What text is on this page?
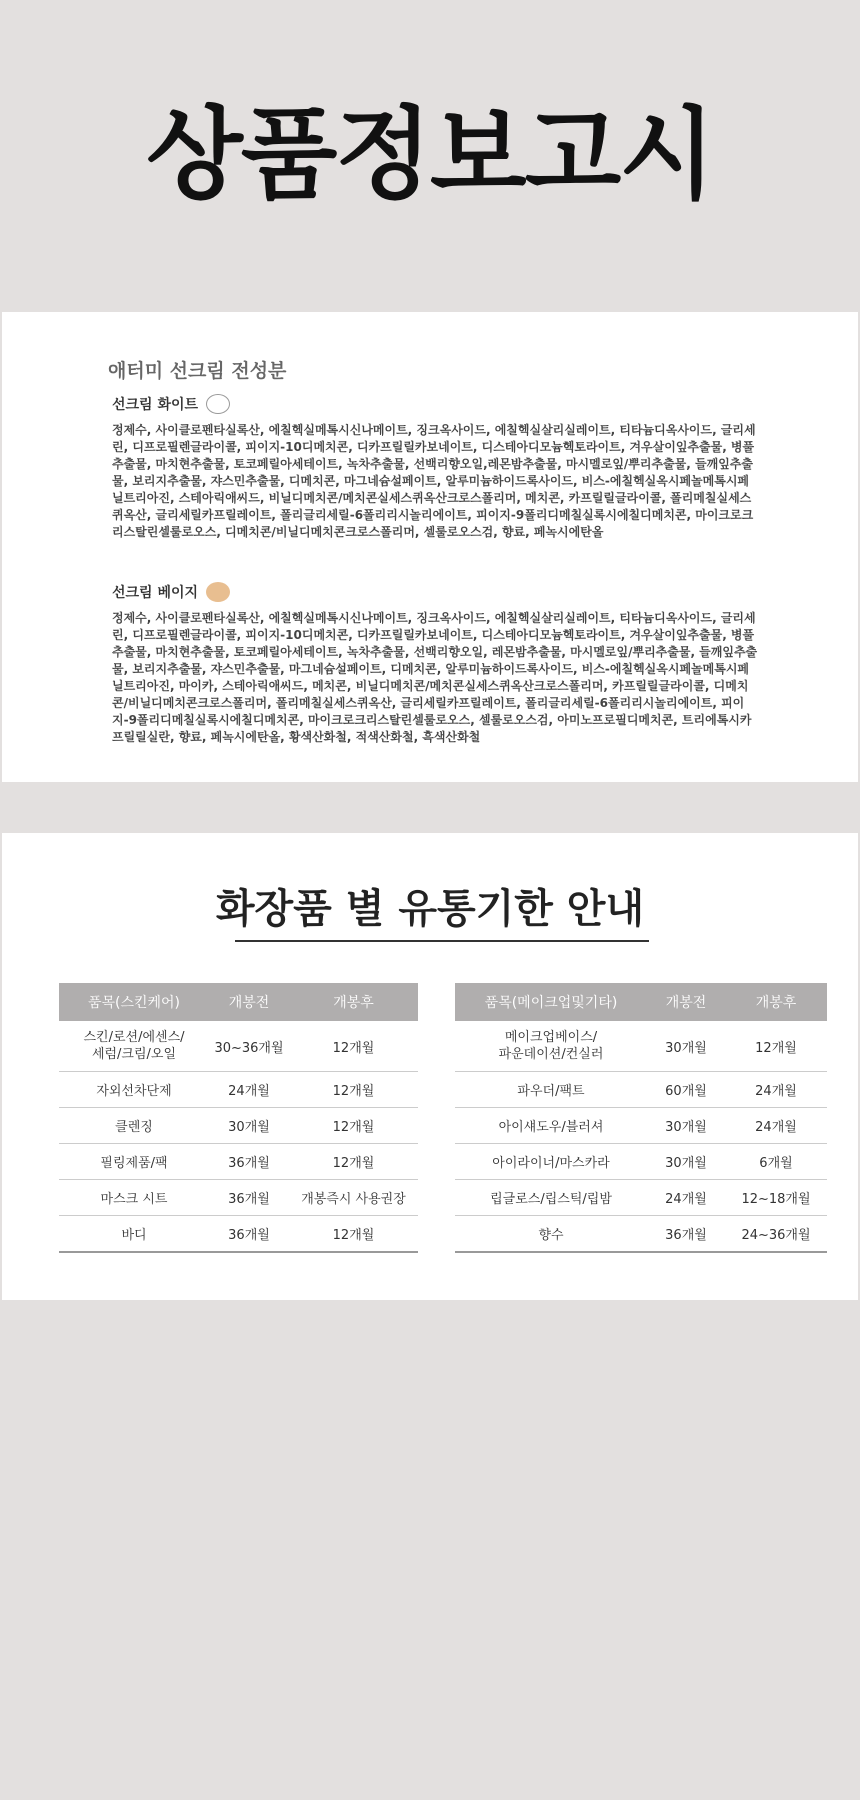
상품정보고시
애터미 선크림 전성분
선크림 화이트

정제수, 사이클로펜타실록산, 에칠헥실메톡시신나메이트, 징크옥사이드, 에칠헥실살리실레이트, 티타늄디옥사이드, 글리세린, 디프로필렌글라이콜, 피이지-10디메치콘, 디카프릴릴카보네이트, 디스테아디모늄헥토라이트, 겨우살이잎추출물, 병풀추출물, 마치현추출물, 토코페릴아세테이트, 녹차추출물, 선백리향오일,레몬밤추출물, 마시멜로잎/뿌리추출물, 들깨잎추출물, 보리지추출물, 쟈스민추출물, 디메치콘, 마그네슘설페이트, 알루미늄하이드록사이드, 비스-에칠헥실옥시페놀메톡시페닐트리아진, 스테아릭애씨드, 비닐디메치콘/메치콘실세스퀴옥산크로스폴리머, 메치콘, 카프릴릴글라이콜, 폴리메칠실세스퀴옥산, 글리세릴카프릴레이트, 폴리글리세릴-6폴리리시놀리에이트, 피이지-9폴리디메칠실록시에칠디메치콘, 마이크로크리스탈린셀룰로오스, 디메치콘/비닐디메치콘크로스폴리머, 셀룰로오스검, 향료, 페녹시에탄올

선크림 베이지

정제수, 사이클로펜타실록산, 에칠헥실메톡시신나메이트, 징크옥사이드, 에칠헥실살리실레이트, 티타늄디옥사이드, 글리세린, 디프로필렌글라이콜, 피이지-10디메치콘, 디카프릴릴카보네이트, 디스테아디모늄헥토라이트, 겨우살이잎추출물, 병풀추출물, 마치현추출물, 토코페릴아세테이트, 녹차추출물, 선백리향오일, 레몬밤추출물, 마시멜로잎/뿌리추출물, 들깨잎추출물, 보리지추출물, 쟈스민추출물, 마그네슘설페이트, 디메치콘, 알루미늄하이드록사이드, 비스-에칠헥실옥시페놀메톡시페닐트리아진, 마이카, 스테아릭애씨드, 메치콘, 비닐디메치콘/메치콘실세스퀴옥산크로스폴리머, 카프릴릴글라이콜, 디메치콘/비닐디메치콘크로스폴리머, 폴리메칠실세스퀴옥산, 글리세릴카프릴레이트, 폴리글리세릴-6폴리리시놀리에이트, 피이지-9폴리디메칠실록시에칠디메치콘, 마이크로크리스탈린셀룰로오스, 셀룰로오스검, 아미노프로필디메치콘, 트리에톡시카프릴릴실란, 향료, 페녹시에탄올, 황색산화철, 적색산화철, 흑색산화철

화장품 별 유통기한 안내
품목(스킨케어)	개봉전	개봉후
스킨/로션/에센스/
세럼/크림/오일	30~36개월	12개월
자외선차단제	24개월	12개월
클렌징	30개월	12개월
필링제품/팩	36개월	12개월
마스크 시트	36개월	개봉즉시 사용권장
바디	36개월	12개월
품목(메이크업및기타)	개봉전	개봉후
메이크업베이스/
파운데이션/컨실러	30개월	12개월
파우더/팩트	60개월	24개월
아이섀도우/블러셔	30개월	24개월
아이라이너/마스카라	30개월	6개월
립글로스/립스틱/립밤	24개월	12~18개월
향수	36개월	24~36개월
